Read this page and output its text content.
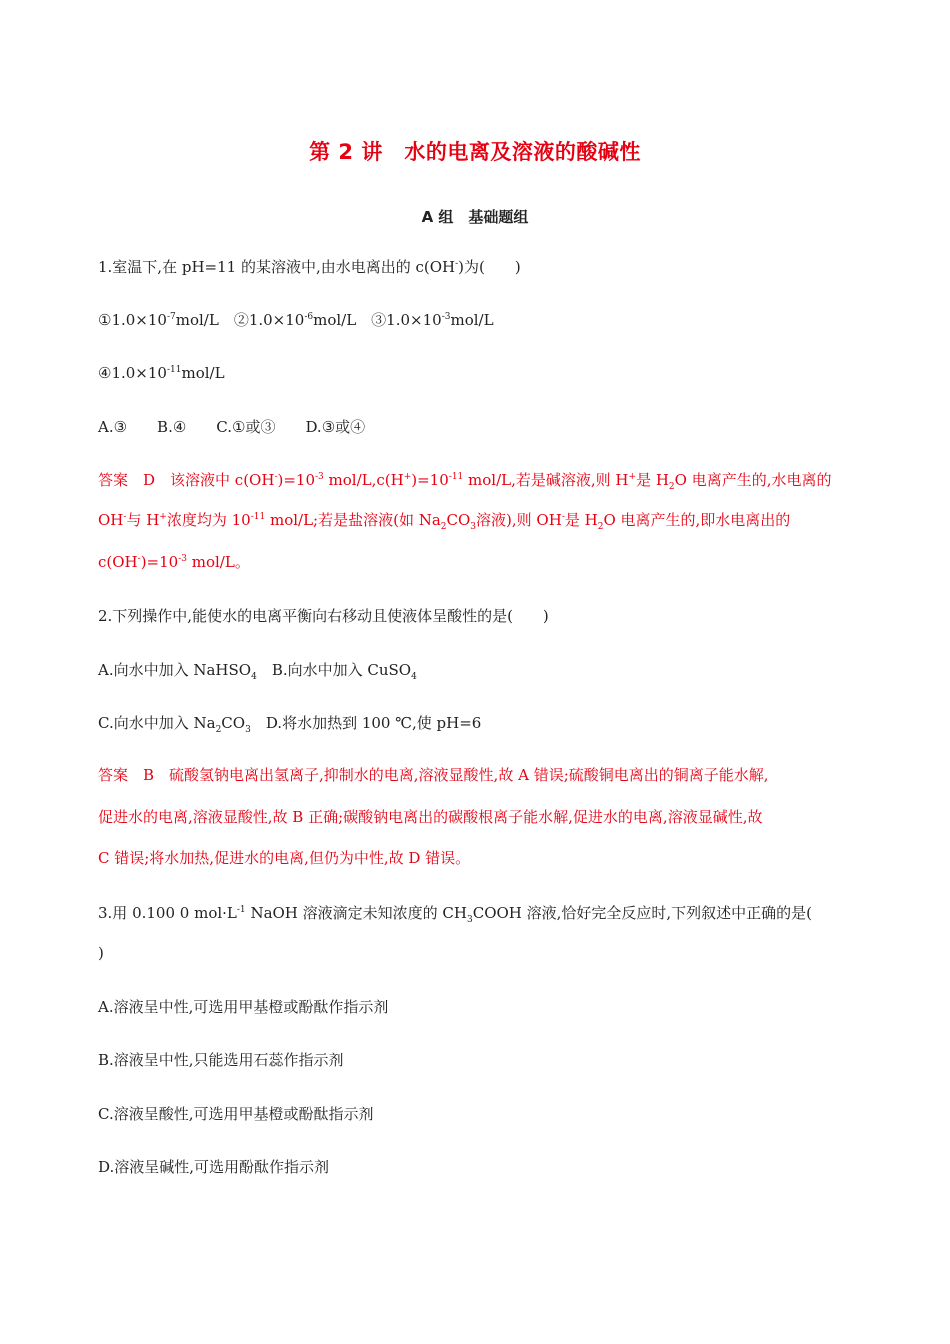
第 2 讲　水的电离及溶液的酸碱性
A 组　基础题组
1.室温下,在 pH=11 的某溶液中,由水电离出的 c(OH-)为(　　)
$①1.0\times 10^{-7}mol/L$　$②1.0\times 10^{-6}mol/L$　$③1.0\times 10^{-3}mol/L$
$④1.0\times 10^{-11}mol/L$
A.③　　B.④　　C.①或③　　D.③或④
答案　D　该溶液中 $c(OH^-)=10^{-3}$ mol/$L,c(H^+)=10^{-11}$ mol/L,若是碱溶液,则 H+是 $H_2O$ 电离产生的,水电离的
OH-与 H+浓度均为 $10^{-11}$ mol/L;若是盐溶液(如 $Na_2CO_3$溶液),则 OH-是 $H_2O$ 电离产生的,即水电离出的
$c(OH^-)=10^{-3}$ mol/L。
2.下列操作中,能使水的电离平衡向右移动且使液体呈酸性的是(　　)
A.向水中加入 NaHSO$_4$　B.向水中加入 CuSO$_4$
C.向水中加入 $Na_2CO_3$　D.将水加热到 100 ℃,使 pH=6
答案　B　硫酸氢钠电离出氢离子,抑制水的电离,溶液显酸性,故 A 错误;硫酸铜电离出的铜离子能水解,
促进水的电离,溶液显酸性,故 B 正确;碳酸钠电离出的碳酸根离子能水解,促进水的电离,溶液显碱性,故
C 错误;将水加热,促进水的电离,但仍为中性,故 D 错误。
3.用 0.100 0 $mol\cdot L^{-1}$ NaOH 溶液滴定未知浓度的 $CH_3COOH$ 溶液,恰好完全反应时,下列叙述中正确的是(
)
A.溶液呈中性,可选用甲基橙或酚酞作指示剂
B.溶液呈中性,只能选用石蕊作指示剂
C.溶液呈酸性,可选用甲基橙或酚酞指示剂
D.溶液呈碱性,可选用酚酞作指示剂
